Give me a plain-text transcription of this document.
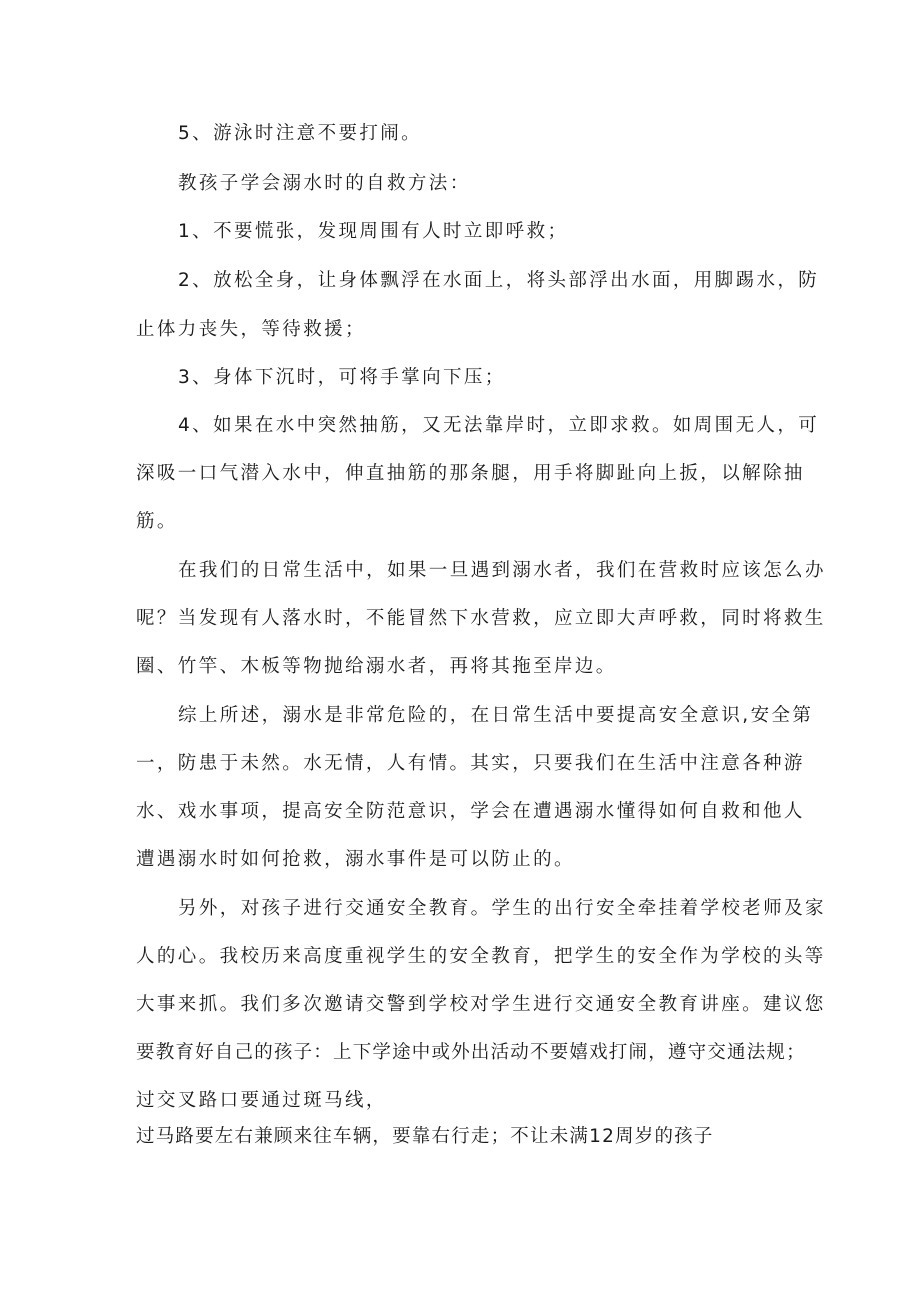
5、游泳时注意不要打闹。
教孩子学会溺水时的自救方法：
1、不要慌张，发现周围有人时立即呼救；
2、放松全身，让身体飘浮在水面上，将头部浮出水面，用脚踢水，防
止体力丧失，等待救援；
3、身体下沉时，可将手掌向下压；
4、如果在水中突然抽筋，又无法靠岸时，立即求救。如周围无人，可
深吸一口气潜入水中，伸直抽筋的那条腿，用手将脚趾向上扳，以解除抽
筋。
在我们的日常生活中，如果一旦遇到溺水者，我们在营救时应该怎么办
呢？当发现有人落水时，不能冒然下水营救，应立即大声呼救，同时将救生
圈、竹竿、木板等物抛给溺水者，再将其拖至岸边。
综上所述，溺水是非常危险的，在日常生活中要提高安全意识,安全第
一，防患于未然。水无情，人有情。其实，只要我们在生活中注意各种游
水、戏水事项，提高安全防范意识，学会在遭遇溺水懂得如何自救和他人
遭遇溺水时如何抢救，溺水事件是可以防止的。
另外，对孩子进行交通安全教育。学生的出行安全牵挂着学校老师及家
人的心。我校历来高度重视学生的安全教育，把学生的安全作为学校的头等
大事来抓。我们多次邀请交警到学校对学生进行交通安全教育讲座。建议您
要教育好自己的孩子：上下学途中或外出活动不要嬉戏打闹，遵守交通法规；
过交叉路口要通过斑马线，
过马路要左右兼顾来往车辆，要靠右行走；不让未满12周岁的孩子
